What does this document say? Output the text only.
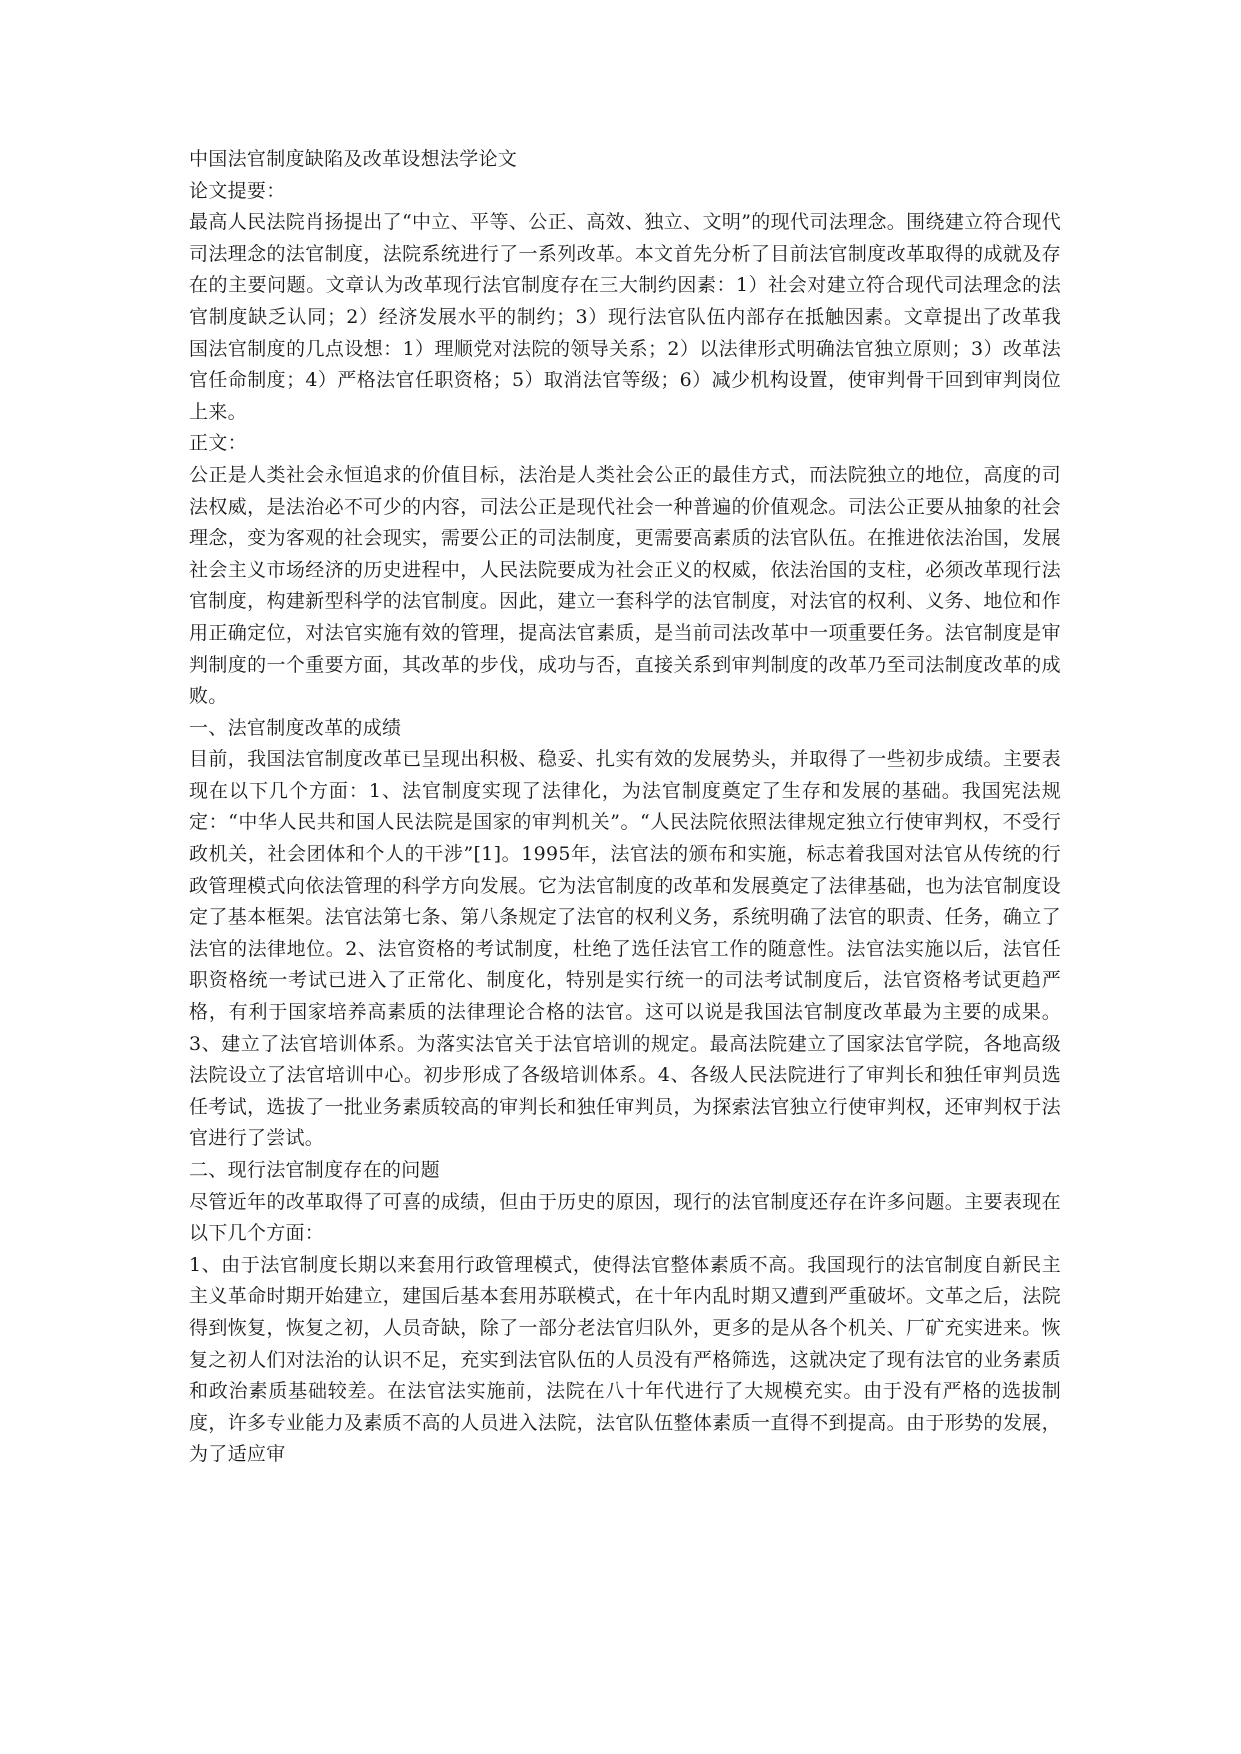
中国法官制度缺陷及改革设想法学论文

论文提要：

最高人民法院肖扬提出了“中立、平等、公正、高效、独立、文明”的现代司法理念。围绕建立符合现代司法理念的法官制度，法院系统进行了一系列改革。本文首先分析了目前法官制度改革取得的成就及存在的主要问题。文章认为改革现行法官制度存在三大制约因素：1）社会对建立符合现代司法理念的法官制度缺乏认同；2）经济发展水平的制约；3）现行法官队伍内部存在抵触因素。文章提出了改革我国法官制度的几点设想：1）理顺党对法院的领导关系；2）以法律形式明确法官独立原则；3）改革法官任命制度；4）严格法官任职资格；5）取消法官等级；6）减少机构设置，使审判骨干回到审判岗位上来。

正文：

公正是人类社会永恒追求的价值目标，法治是人类社会公正的最佳方式，而法院独立的地位，高度的司法权威，是法治必不可少的内容，司法公正是现代社会一种普遍的价值观念。司法公正要从抽象的社会理念，变为客观的社会现实，需要公正的司法制度，更需要高素质的法官队伍。在推进依法治国，发展社会主义市场经济的历史进程中，人民法院要成为社会正义的权威，依法治国的支柱，必须改革现行法官制度，构建新型科学的法官制度。因此，建立一套科学的法官制度，对法官的权利、义务、地位和作用正确定位，对法官实施有效的管理，提高法官素质，是当前司法改革中一项重要任务。法官制度是审判制度的一个重要方面，其改革的步伐，成功与否，直接关系到审判制度的改革乃至司法制度改革的成败。

一、法官制度改革的成绩

目前，我国法官制度改革已呈现出积极、稳妥、扎实有效的发展势头，并取得了一些初步成绩。主要表现在以下几个方面：1、法官制度实现了法律化，为法官制度奠定了生存和发展的基础。我国宪法规定：“中华人民共和国人民法院是国家的审判机关”。“人民法院依照法律规定独立行使审判权，不受行政机关，社会团体和个人的干涉”[1]。1995年，法官法的颁布和实施，标志着我国对法官从传统的行政管理模式向依法管理的科学方向发展。它为法官制度的改革和发展奠定了法律基础，也为法官制度设定了基本框架。法官法第七条、第八条规定了法官的权利义务，系统明确了法官的职责、任务，确立了法官的法律地位。2、法官资格的考试制度，杜绝了选任法官工作的随意性。法官法实施以后，法官任职资格统一考试已进入了正常化、制度化，特别是实行统一的司法考试制度后，法官资格考试更趋严格，有利于国家培养高素质的法律理论合格的法官。这可以说是我国法官制度改革最为主要的成果。3、建立了法官培训体系。为落实法官关于法官培训的规定。最高法院建立了国家法官学院，各地高级法院设立了法官培训中心。初步形成了各级培训体系。4、各级人民法院进行了审判长和独任审判员选任考试，选拔了一批业务素质较高的审判长和独任审判员，为探索法官独立行使审判权，还审判权于法官进行了尝试。

二、现行法官制度存在的问题

尽管近年的改革取得了可喜的成绩，但由于历史的原因，现行的法官制度还存在许多问题。主要表现在以下几个方面：

1、由于法官制度长期以来套用行政管理模式，使得法官整体素质不高。我国现行的法官制度自新民主主义革命时期开始建立，建国后基本套用苏联模式，在十年内乱时期又遭到严重破坏。文革之后，法院得到恢复，恢复之初，人员奇缺，除了一部分老法官归队外，更多的是从各个机关、厂矿充实进来。恢复之初人们对法治的认识不足，充实到法官队伍的人员没有严格筛选，这就决定了现有法官的业务素质和政治素质基础较差。在法官法实施前，法院在八十年代进行了大规模充实。由于没有严格的选拔制度，许多专业能力及素质不高的人员进入法院，法官队伍整体素质一直得不到提高。由于形势的发展，为了适应审
